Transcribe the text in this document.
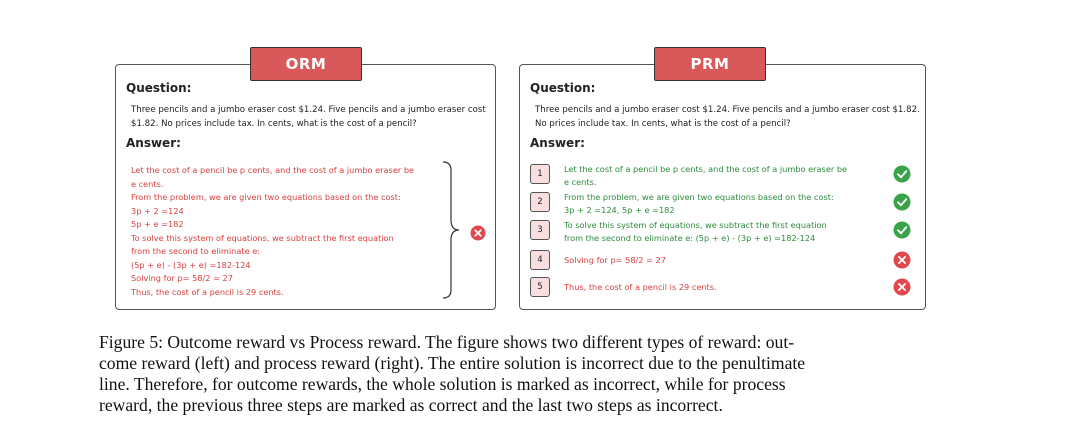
ORM
Question:
Three pencils and a jumbo eraser cost $1.24. Five pencils and a jumbo eraser cost
$1.82. No prices include tax. In cents, what is the cost of a pencil?
Answer:
Let the cost of a pencil be p cents, and the cost of a jumbo eraser be
e cents.
From the problem, we are given two equations based on the cost:
3p + 2 =124
5p + e =182
To solve this system of equations, we subtract the first equation
from the second to eliminate e:
(5p + e) - (3p + e) =182-124
Solving for p= 58/2 = 27
Thus, the cost of a pencil is 29 cents.
PRM
Question:
Three pencils and a jumbo eraser cost $1.24. Five pencils and a jumbo eraser cost $1.82.
No prices include tax. In cents, what is the cost of a pencil?
Answer:
1	Let the cost of a pencil be p cents, and the cost of a jumbo eraser be
e cents.
2	From the problem, we are given two equations based on the cost:
3p + 2 =124, 5p + e =182
3	To solve this system of equations, we subtract the first equation
from the second to eliminate e: (5p + e) - (3p + e) =182-124
4	Solving for p= 58/2 = 27
5	Thus, the cost of a pencil is 29 cents.
Figure 5: Outcome reward vs Process reward. The figure shows two different types of reward: out-
come reward (left) and process reward (right). The entire solution is incorrect due to the penultimate
line. Therefore, for outcome rewards, the whole solution is marked as incorrect, while for process
reward, the previous three steps are marked as correct and the last two steps as incorrect.
